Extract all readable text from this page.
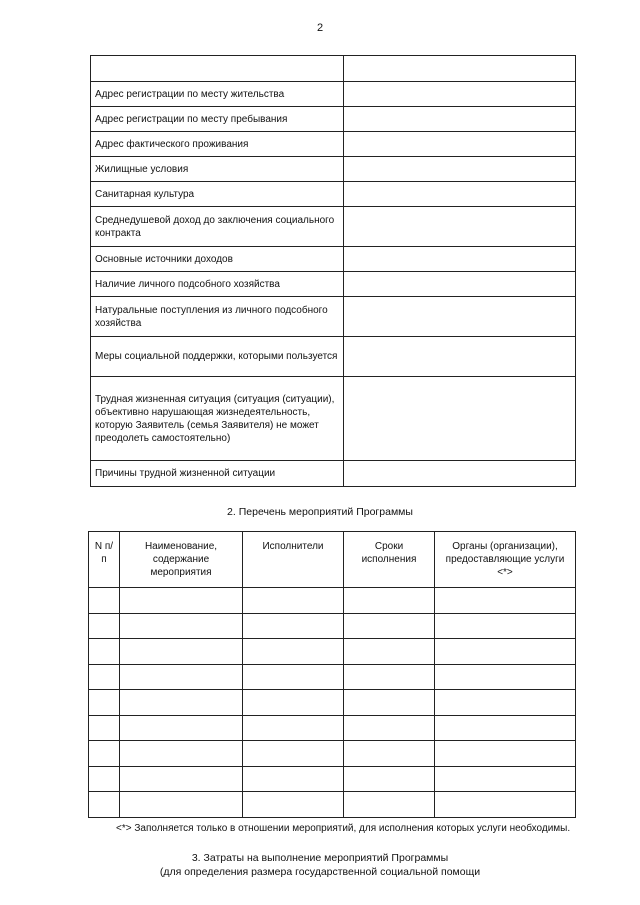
2

Адрес регистрации по месту жительства	
Адрес регистрации по месту пребывания	
Адрес фактического проживания	
Жилищные условия	
Санитарная культура	
Среднедушевой доход до заключения социального контракта	
Основные источники доходов	
Наличие личного подсобного хозяйства	
Натуральные поступления из личного подсобного хозяйства	
Меры социальной поддержки, которыми пользуется	
Трудная жизненная ситуация (ситуация (ситуации), объективно нарушающая жизнедеятельность, которую Заявитель (семья Заявителя) не может преодолеть самостоятельно)	
Причины трудной жизненной ситуации	
2. Перечень мероприятий Программы
N п/п	Наименование, содержание мероприятия	Исполнители	Сроки исполнения	Органы (организации), предоставляющие услуги <*>

<*> Заполняется только в отношении мероприятий, для исполнения которых услуги необходимы.
3. Затраты на выполнение мероприятий Программы
(для определения размера государственной социальной помощи
